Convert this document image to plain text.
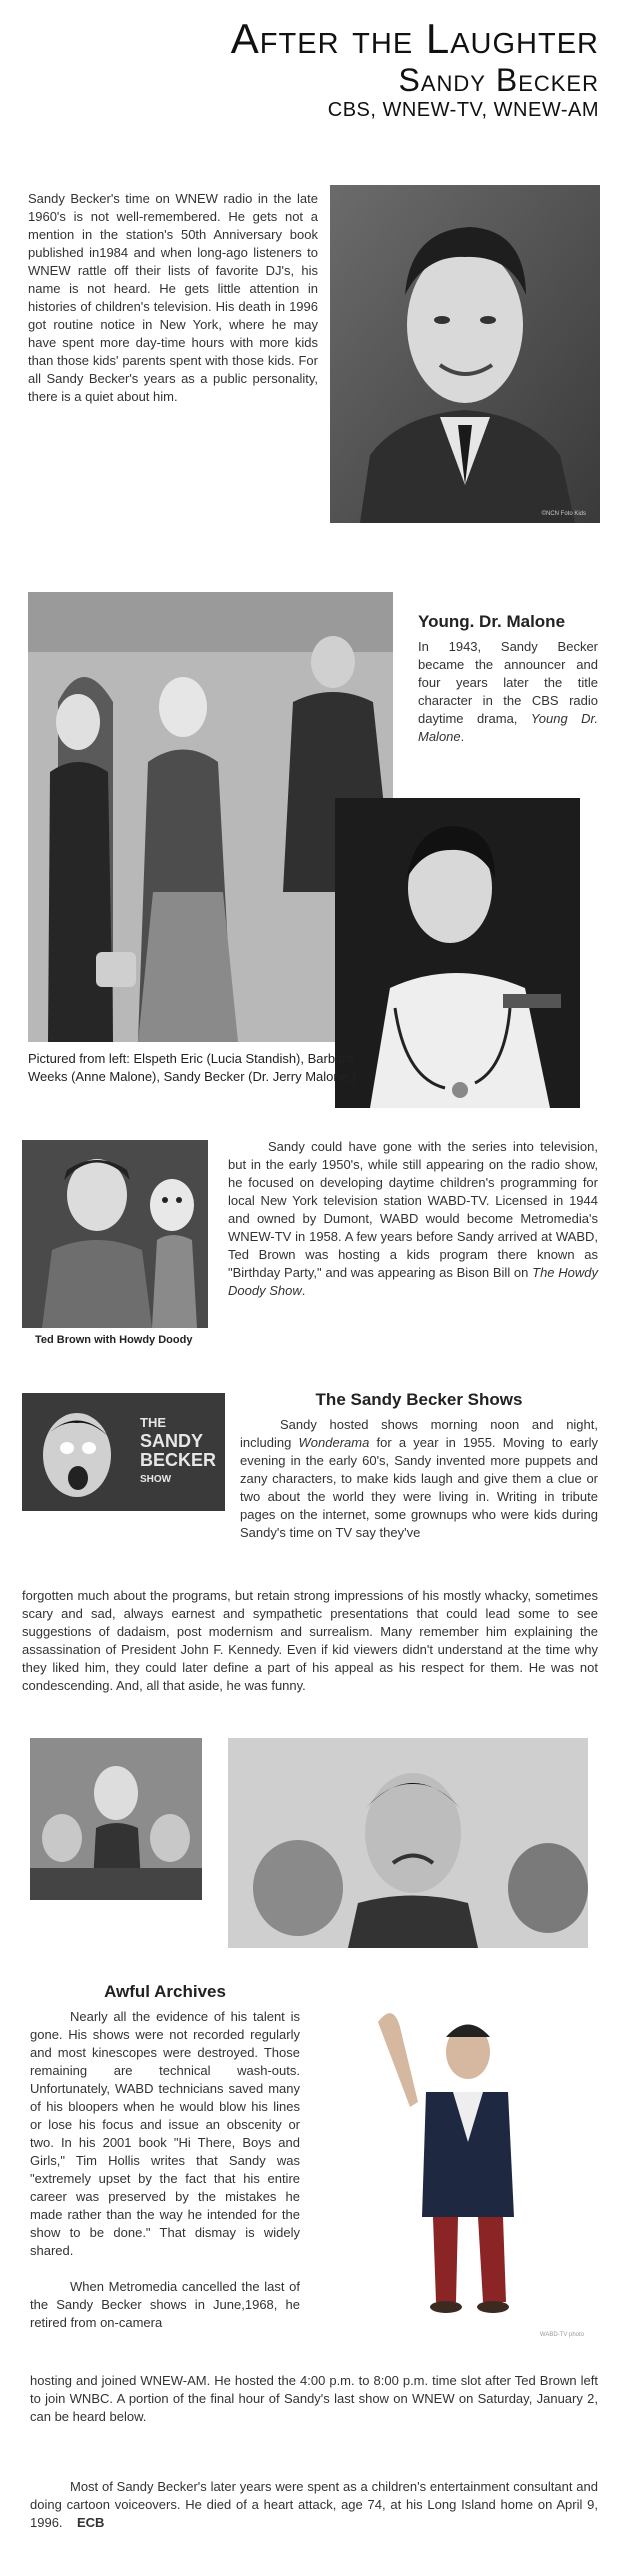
After the Laughter
Sandy Becker
CBS, WNEW-TV, WNEW-AM
Sandy Becker's time on WNEW radio in the late 1960's is not well-remembered. He gets not a mention in the station's 50th Anniversary book published in1984 and when long-ago listeners to WNEW rattle off their lists of favorite DJ's, his name is not heard. He gets little attention in histories of children's television. His death in 1996 got routine notice in New York, where he may have spent more day-time hours with more kids than those kids' parents spent with those kids. For all Sandy Becker's years as a public personality, there is a quiet about him.
©NCN Foto Kids
Young. Dr. Malone
In 1943, Sandy Becker became the announcer and four years later the title character in the CBS radio daytime drama, Young Dr. Malone.
Pictured from left: Elspeth Eric (Lucia Standish), Barbara Weeks (Anne Malone), Sandy Becker (Dr. Jerry Malone.)
Ted Brown with Howdy Doody
Sandy could have gone with the series into television, but in the early 1950's, while still appearing on the radio show, he focused on developing daytime children's programming for local New York television station WABD-TV. Licensed in 1944 and owned by Dumont, WABD would become Metromedia's WNEW-TV in 1958. A few years before Sandy arrived at WABD, Ted Brown was hosting a kids program there known as "Birthday Party," and was appearing as Bison Bill on The Howdy Doody Show.
THE
SANDY
BECKER
SHOW
The Sandy Becker Shows
Sandy hosted shows morning noon and night, including Wonderama for a year in 1955. Moving to early evening in the early 60's, Sandy invented more puppets and zany characters, to make kids laugh and give them a clue or two about the world they were living in. Writing in tribute pages on the internet, some grownups who were kids during Sandy's time on TV say they've
forgotten much about the programs, but retain strong impressions of his mostly whacky, sometimes scary and sad, always earnest and sympathetic presentations that could lead some to see suggestions of dadaism, post modernism and surrealism. Many remember him explaining the assassination of President John F. Kennedy. Even if kid viewers didn't understand at the time why they liked him, they could later define a part of his appeal as his respect for them. He was not condescending. And, all that aside, he was funny.
Awful Archives
Nearly all the evidence of his talent is gone. His shows were not recorded regularly and most kinescopes were destroyed. Those remaining are technical wash-outs. Unfortunately, WABD technicians saved many of his bloopers when he would blow his lines or lose his focus and issue an obscenity or two. In his 2001 book "Hi There, Boys and Girls," Tim Hollis writes that Sandy was "extremely upset by the fact that his entire career was preserved by the mistakes he made rather than the way he intended for the show to be done." That dismay is widely shared.
When Metromedia cancelled the last of the Sandy Becker shows in June,1968, he retired from on-camera
WABD-TV photo
hosting and joined WNEW-AM. He hosted the 4:00 p.m. to 8:00 p.m. time slot after Ted Brown left to join WNBC. A portion of the final hour of Sandy's last show on WNEW on Saturday, January 2, can be heard below.
Most of Sandy Becker's later years were spent as a children's entertainment consultant and doing cartoon voiceovers. He died of a heart attack, age 74, at his Long Island home on April 9, 1996. ECB
